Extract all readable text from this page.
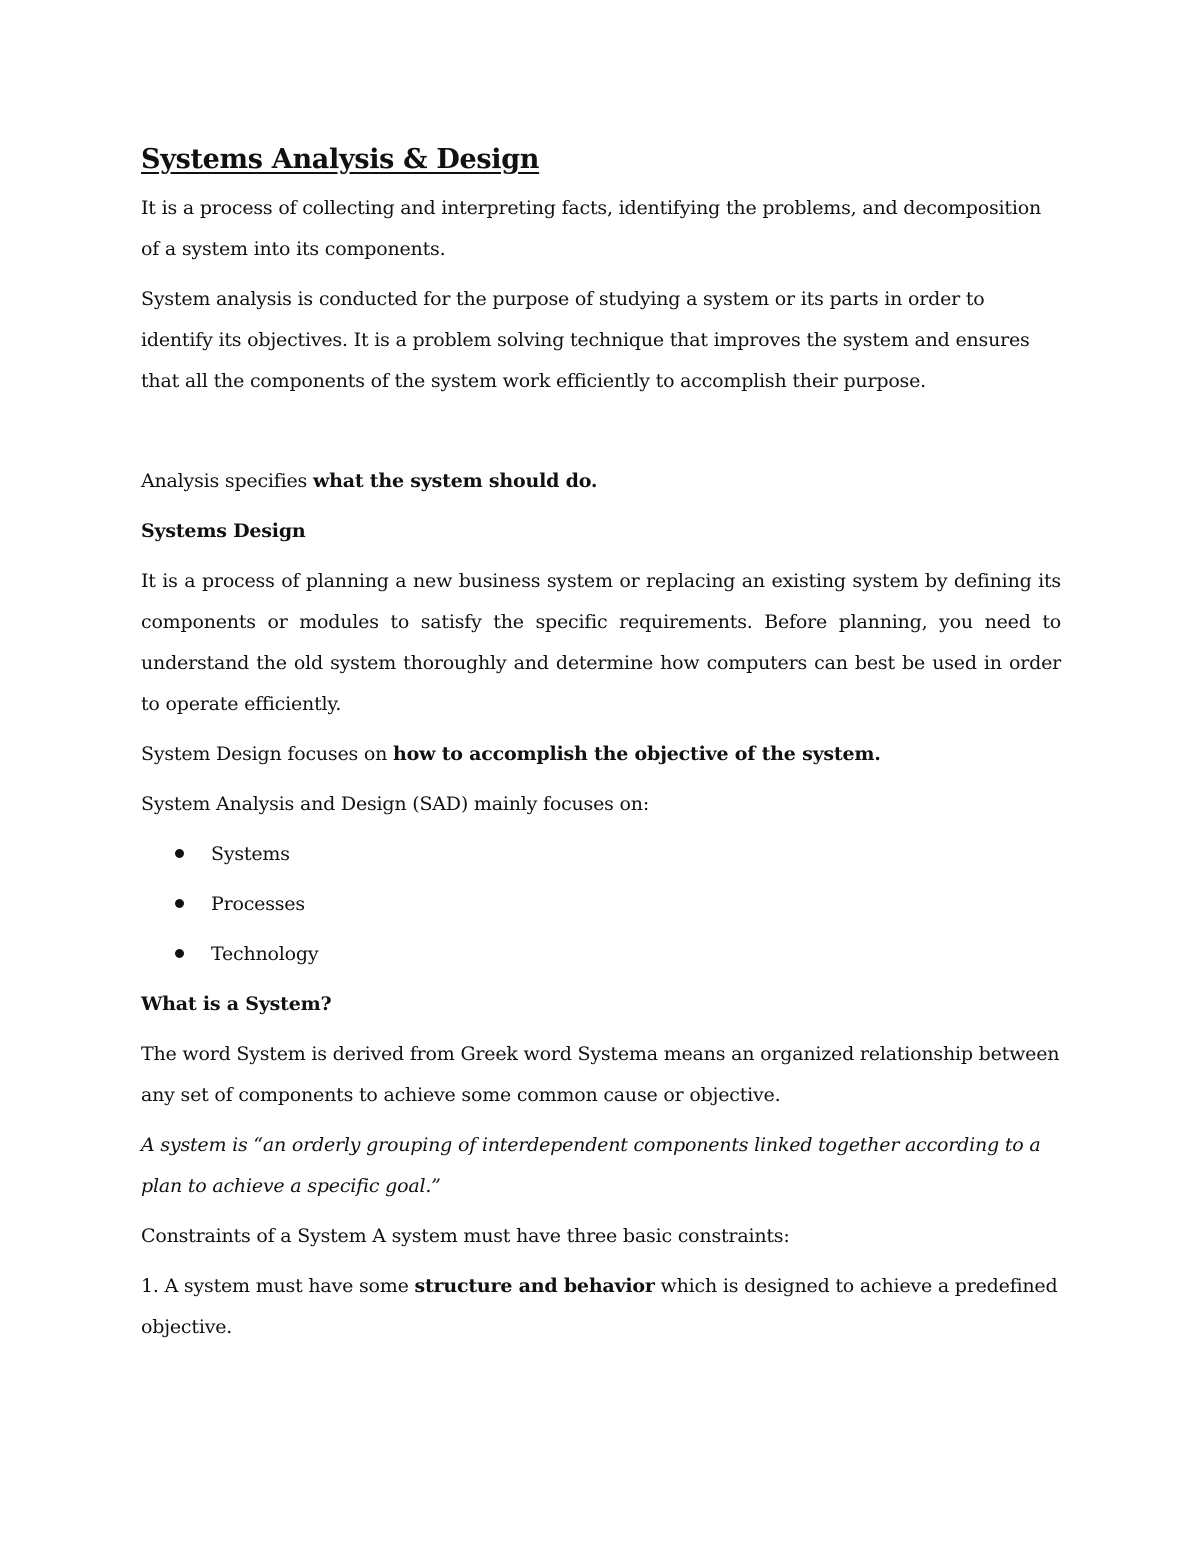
Systems Analysis & Design

It is a process of collecting and interpreting facts, identifying the problems, and decomposition of a system into its components.

System analysis is conducted for the purpose of studying a system or its parts in order to identify its objectives. It is a problem solving technique that improves the system and ensures that all the components of the system work efficiently to accomplish their purpose.

Analysis specifies what the system should do.

Systems Design

It is a process of planning a new business system or replacing an existing system by defining its components or modules to satisfy the specific requirements. Before planning, you need to understand the old system thoroughly and determine how computers can best be used in order to operate efficiently.

System Design focuses on how to accomplish the objective of the system.

System Analysis and Design (SAD) mainly focuses on:

Systems
Processes
Technology
What is a System?

The word System is derived from Greek word Systema means an organized relationship between any set of components to achieve some common cause or objective.

A system is “an orderly grouping of interdependent components linked together according to a plan to achieve a specific goal.”

Constraints of a System A system must have three basic constraints:

1. A system must have some structure and behavior which is designed to achieve a predefined objective.
